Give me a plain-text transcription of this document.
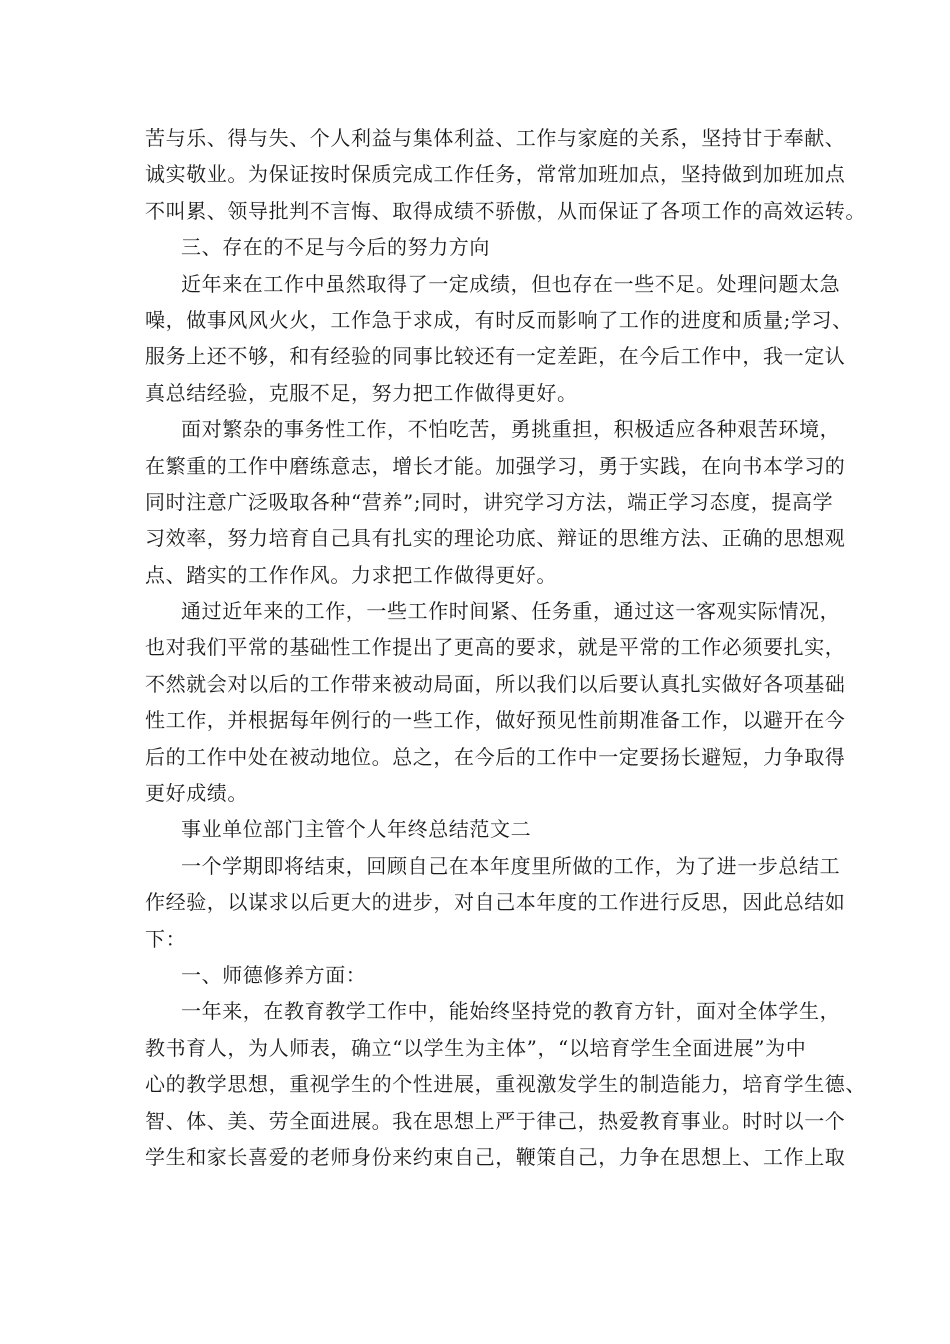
苦与乐、得与失、个人利益与集体利益、工作与家庭的关系，坚持甘于奉献、
诚实敬业。为保证按时保质完成工作任务，常常加班加点，坚持做到加班加点
不叫累、领导批判不言悔、取得成绩不骄傲，从而保证了各项工作的高效运转。
三、存在的不足与今后的努力方向
近年来在工作中虽然取得了一定成绩，但也存在一些不足。处理问题太急
噪，做事风风火火，工作急于求成，有时反而影响了工作的进度和质量;学习、
服务上还不够，和有经验的同事比较还有一定差距，在今后工作中，我一定认
真总结经验，克服不足，努力把工作做得更好。
面对繁杂的事务性工作，不怕吃苦，勇挑重担，积极适应各种艰苦环境，
在繁重的工作中磨练意志，增长才能。加强学习，勇于实践，在向书本学习的
同时注意广泛吸取各种“营养”;同时，讲究学习方法，端正学习态度，提高学
习效率，努力培育自己具有扎实的理论功底、辩证的思维方法、正确的思想观
点、踏实的工作作风。力求把工作做得更好。
通过近年来的工作，一些工作时间紧、任务重，通过这一客观实际情况，
也对我们平常的基础性工作提出了更高的要求，就是平常的工作必须要扎实，
不然就会对以后的工作带来被动局面，所以我们以后要认真扎实做好各项基础
性工作，并根据每年例行的一些工作，做好预见性前期准备工作，以避开在今
后的工作中处在被动地位。总之，在今后的工作中一定要扬长避短，力争取得
更好成绩。
事业单位部门主管个人年终总结范文二
一个学期即将结束，回顾自己在本年度里所做的工作，为了进一步总结工
作经验，以谋求以后更大的进步，对自己本年度的工作进行反思，因此总结如
下：
一、师德修养方面：
一年来，在教育教学工作中，能始终坚持党的教育方针，面对全体学生，
教书育人，为人师表，确立“以学生为主体”，“以培育学生全面进展”为中
心的教学思想，重视学生的个性进展，重视激发学生的制造能力，培育学生德、
智、体、美、劳全面进展。我在思想上严于律己，热爱教育事业。时时以一个
学生和家长喜爱的老师身份来约束自己，鞭策自己，力争在思想上、工作上取
